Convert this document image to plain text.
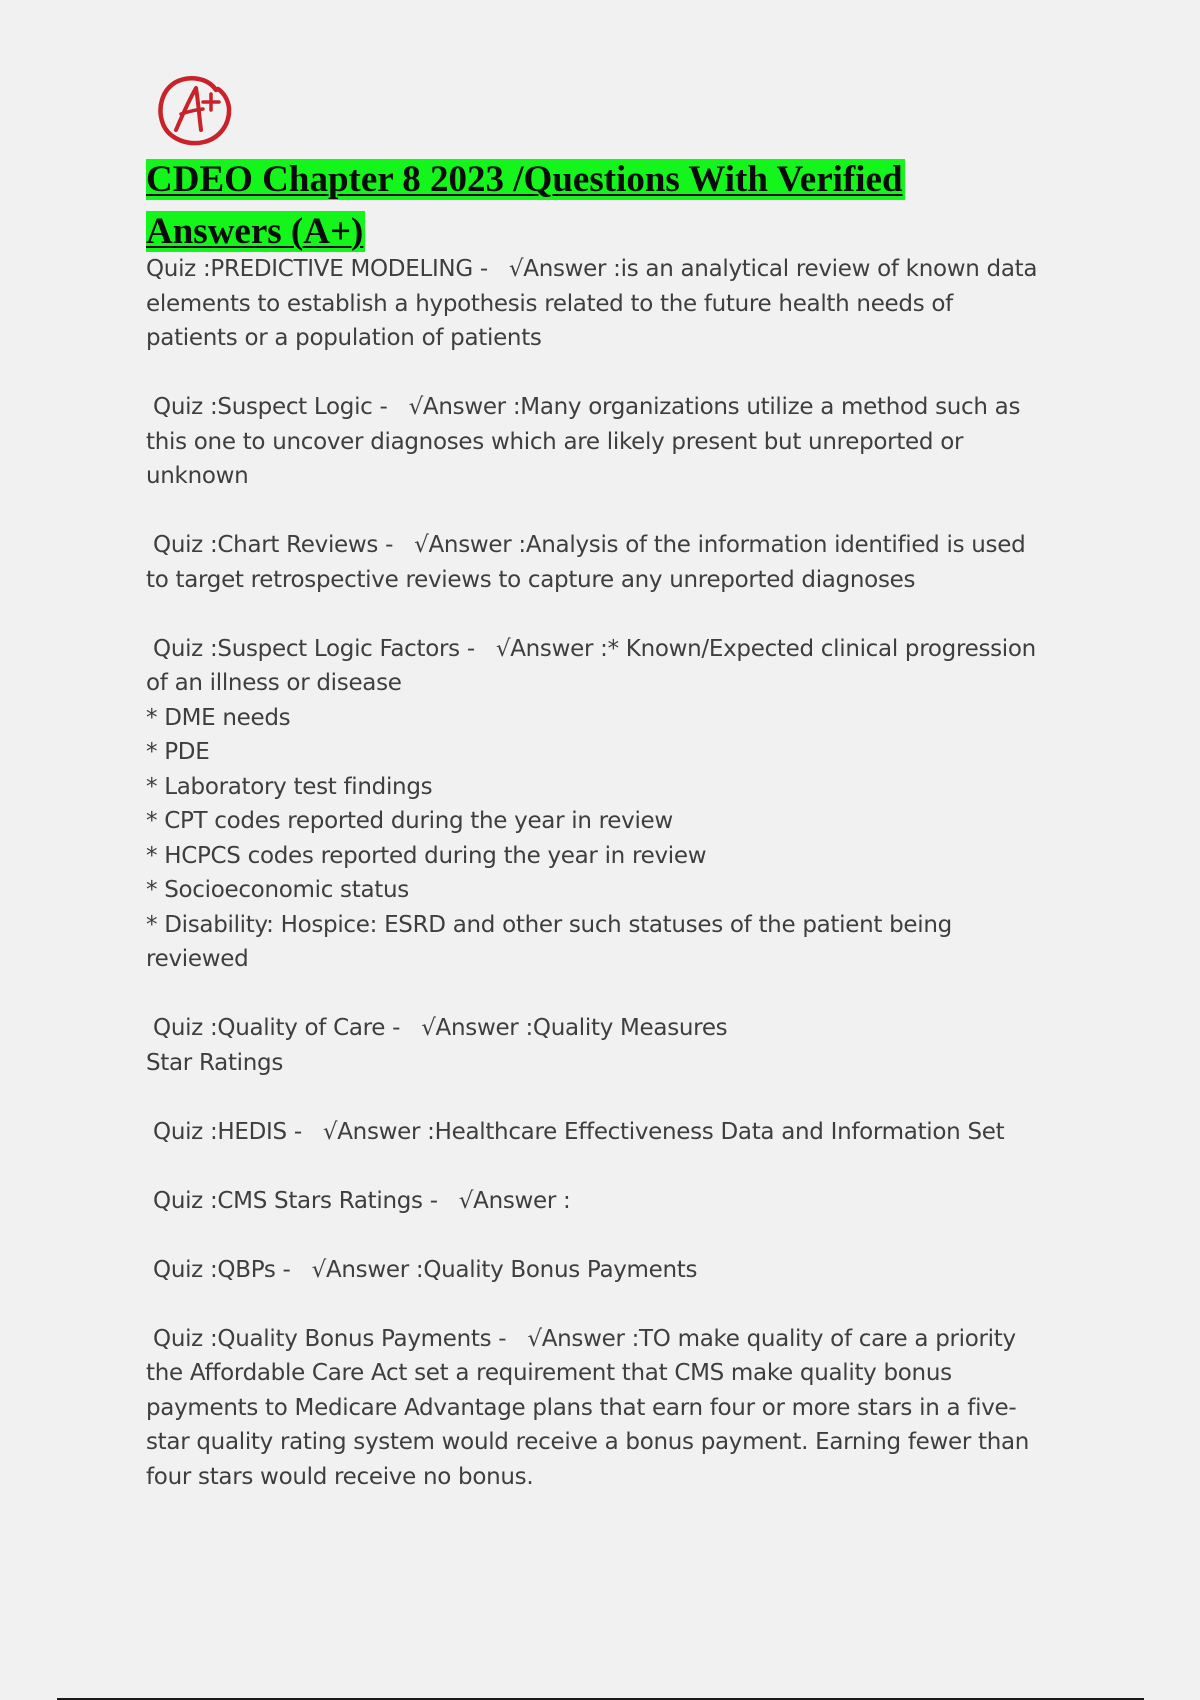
CDEO Chapter 8 2023 /Questions With Verified
Answers (A+)
Quiz :PREDICTIVE MODELING -   √Answer :is an analytical review of known data
elements to establish a hypothesis related to the future health needs of
patients or a population of patients
Quiz :Suspect Logic -   √Answer :Many organizations utilize a method such as
this one to uncover diagnoses which are likely present but unreported or
unknown
Quiz :Chart Reviews -   √Answer :Analysis of the information identified is used
to target retrospective reviews to capture any unreported diagnoses
Quiz :Suspect Logic Factors -   √Answer :* Known/Expected clinical progression
of an illness or disease
* DME needs
* PDE
* Laboratory test findings
* CPT codes reported during the year in review
* HCPCS codes reported during the year in review
* Socioeconomic status
* Disability: Hospice: ESRD and other such statuses of the patient being
reviewed
Quiz :Quality of Care -   √Answer :Quality Measures
Star Ratings
Quiz :HEDIS -   √Answer :Healthcare Effectiveness Data and Information Set
Quiz :CMS Stars Ratings -   √Answer :
Quiz :QBPs -   √Answer :Quality Bonus Payments
Quiz :Quality Bonus Payments -   √Answer :TO make quality of care a priority
the Affordable Care Act set a requirement that CMS make quality bonus
payments to Medicare Advantage plans that earn four or more stars in a five-
star quality rating system would receive a bonus payment. Earning fewer than
four stars would receive no bonus.
